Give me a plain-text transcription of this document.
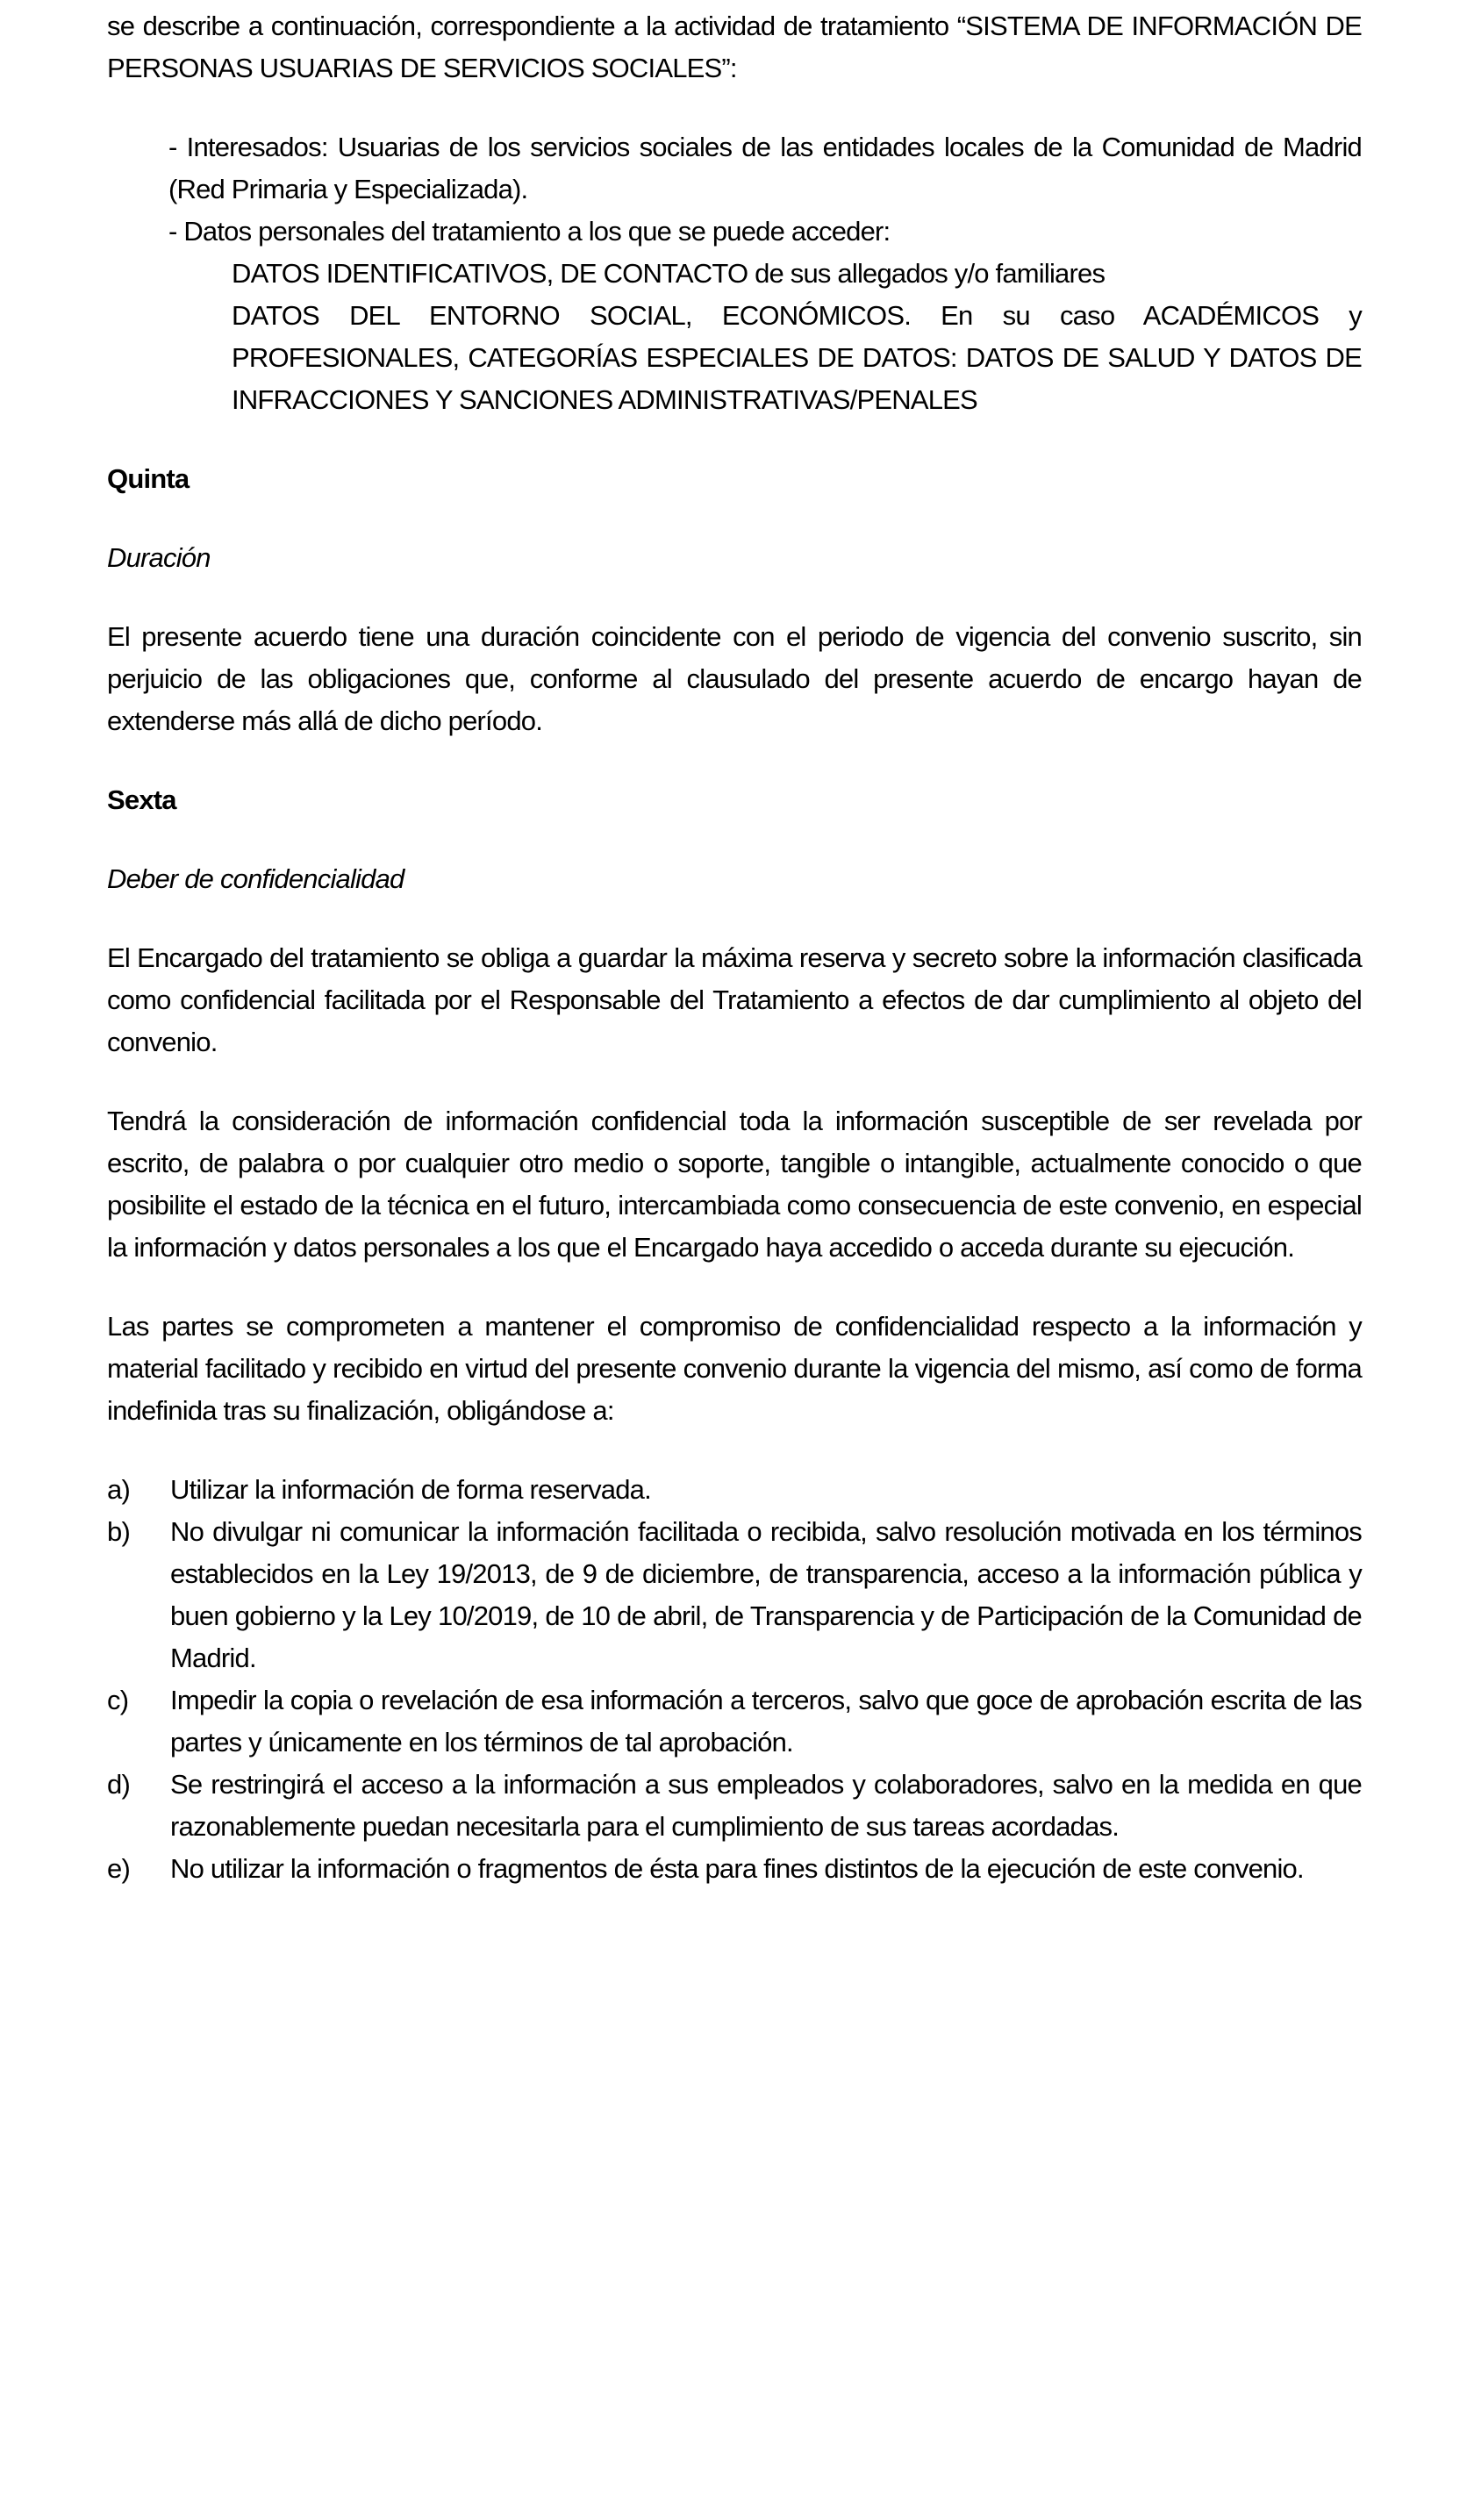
se describe a continuación, correspondiente a la actividad de tratamiento “SISTEMA DE INFORMACIÓN DE PERSONAS USUARIAS DE SERVICIOS SOCIALES”:

- Interesados: Usuarias de los servicios sociales de las entidades locales de la Comunidad de Madrid (Red Primaria y Especializada).

- Datos personales del tratamiento a los que se puede acceder:

DATOS IDENTIFICATIVOS, DE CONTACTO de sus allegados y/o familiares

DATOS DEL ENTORNO SOCIAL, ECONÓMICOS. En su caso ACADÉMICOS y PROFESIONALES, CATEGORÍAS ESPECIALES DE DATOS: DATOS DE SALUD Y DATOS DE INFRACCIONES Y SANCIONES ADMINISTRATIVAS/PENALES

Quinta

Duración

El presente acuerdo tiene una duración coincidente con el periodo de vigencia del convenio suscrito, sin perjuicio de las obligaciones que, conforme al clausulado del presente acuerdo de encargo hayan de extenderse más allá de dicho período.

Sexta

Deber de confidencialidad

El Encargado del tratamiento se obliga a guardar la máxima reserva y secreto sobre la información clasificada como confidencial facilitada por el Responsable del Tratamiento a efectos de dar cumplimiento al objeto del convenio.

Tendrá la consideración de información confidencial toda la información susceptible de ser revelada por escrito, de palabra o por cualquier otro medio o soporte, tangible o intangible, actualmente conocido o que posibilite el estado de la técnica en el futuro, intercambiada como consecuencia de este convenio, en especial la información y datos personales a los que el Encargado haya accedido o acceda durante su ejecución.

Las partes se comprometen a mantener el compromiso de confidencialidad respecto a la información y material facilitado y recibido en virtud del presente convenio durante la vigencia del mismo, así como de forma indefinida tras su finalización, obligándose a:

a)	Utilizar la información de forma reservada.
b)	No divulgar ni comunicar la información facilitada o recibida, salvo resolución motivada en los términos establecidos en la Ley 19/2013, de 9 de diciembre, de transparencia, acceso a la información pública y buen gobierno y la Ley 10/2019, de 10 de abril, de Transparencia y de Participación de la Comunidad de Madrid.
c)	Impedir la copia o revelación de esa información a terceros, salvo que goce de aprobación escrita de las partes y únicamente en los términos de tal aprobación.
d)	Se restringirá el acceso a la información a sus empleados y colaboradores, salvo en la medida en que razonablemente puedan necesitarla para el cumplimiento de sus tareas acordadas.
e)	No utilizar la información o fragmentos de ésta para fines distintos de la ejecución de este convenio.
